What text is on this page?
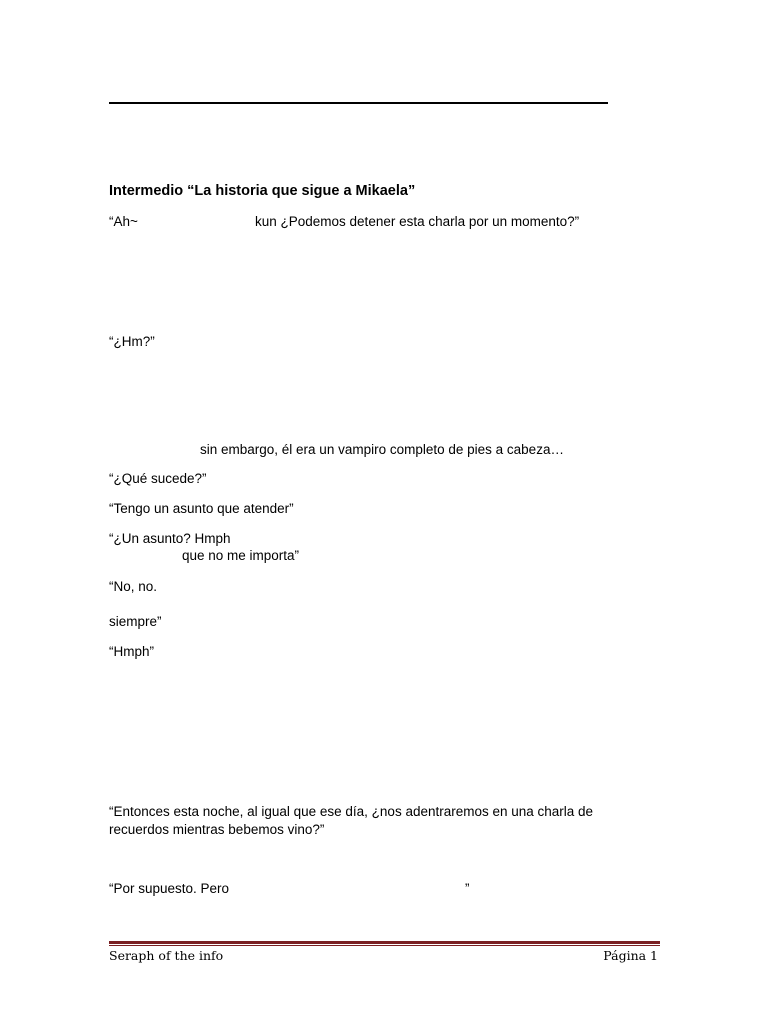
Intermedio “La historia que sigue a Mikaela”
“Ah~	kun ¿Podemos detener esta charla por un momento?”
“¿Hm?”
sin embargo, él era un vampiro completo de pies a cabeza…
“¿Qué sucede?”
“Tengo un asunto que atender”
“¿Un asunto? Hmph
que no me importa”
“No, no.
siempre”
“Hmph”
“Entonces esta noche, al igual que ese día, ¿nos adentraremos en una charla de
recuerdos mientras bebemos vino?”
“Por supuesto. Pero	”
Seraph of the info	Página 1
